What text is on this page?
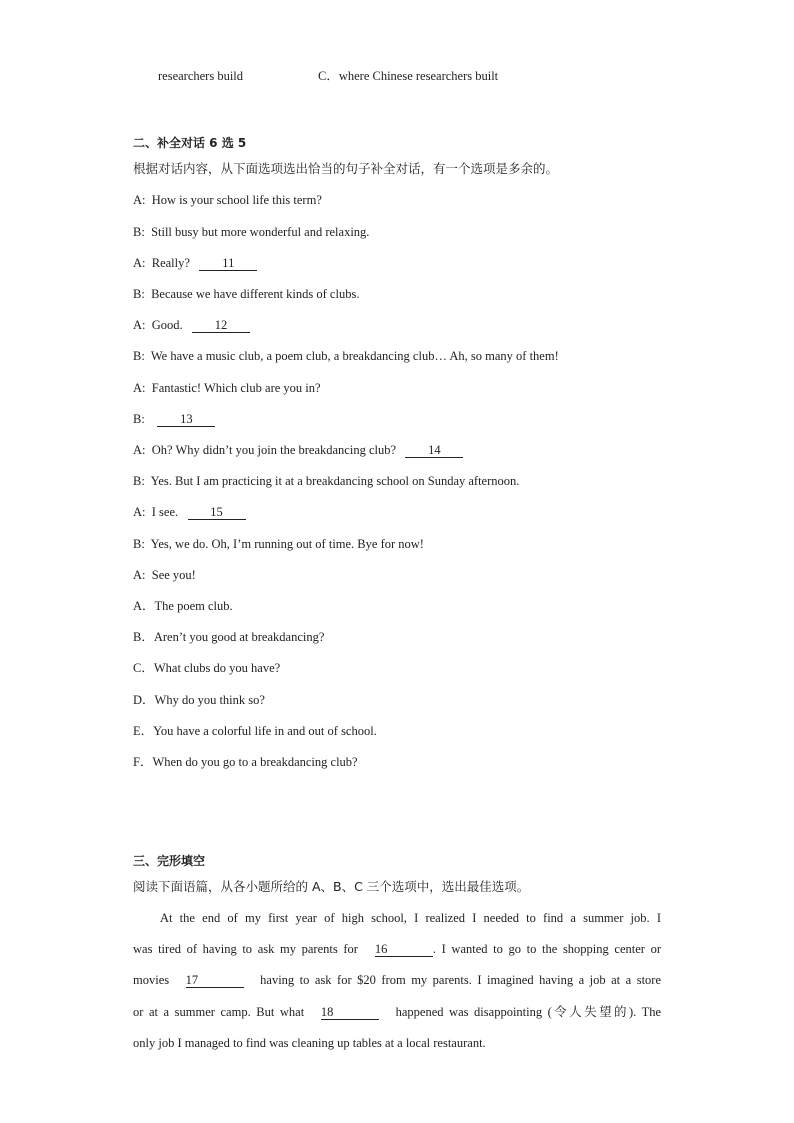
researchers build	C．where Chinese researchers built
二、补全对话 6 选 5
根据对话内容，从下面选项选出恰当的句子补全对话，有一个选项是多余的。
A: How is your school life this term?
B: Still busy but more wonderful and relaxing.
A: Really?	11
B: Because we have different kinds of clubs.
A: Good.	12
B: We have a music club, a poem club, a breakdancing club… Ah, so many of them!
A: Fantastic! Which club are you in?
B:	13
A: Oh? Why didn’t you join the breakdancing club?	14
B: Yes. But I am practicing it at a breakdancing school on Sunday afternoon.
A: I see.	15
B: Yes, we do. Oh, I’m running out of time. Bye for now!
A: See you!
A．The poem club.
B．Aren’t you good at breakdancing?
C．What clubs do you have?
D．Why do you think so?
E．You have a colorful life in and out of school.
F．When do you go to a breakdancing club?
三、完形填空
阅读下面语篇，从各小题所给的 A、B、C 三个选项中，选出最佳选项。
At the end of my first year of high school, I realized I needed to find a summer job. I
was tired of having to ask my parents for 16	. I wanted to go to the shopping center or
movies 17	having to ask for $20 from my parents. I imagined having a job at a store
or at a summer camp. But what 18	happened was disappointing (令人失望的). The
only job I managed to find was cleaning up tables at a local restaurant.
